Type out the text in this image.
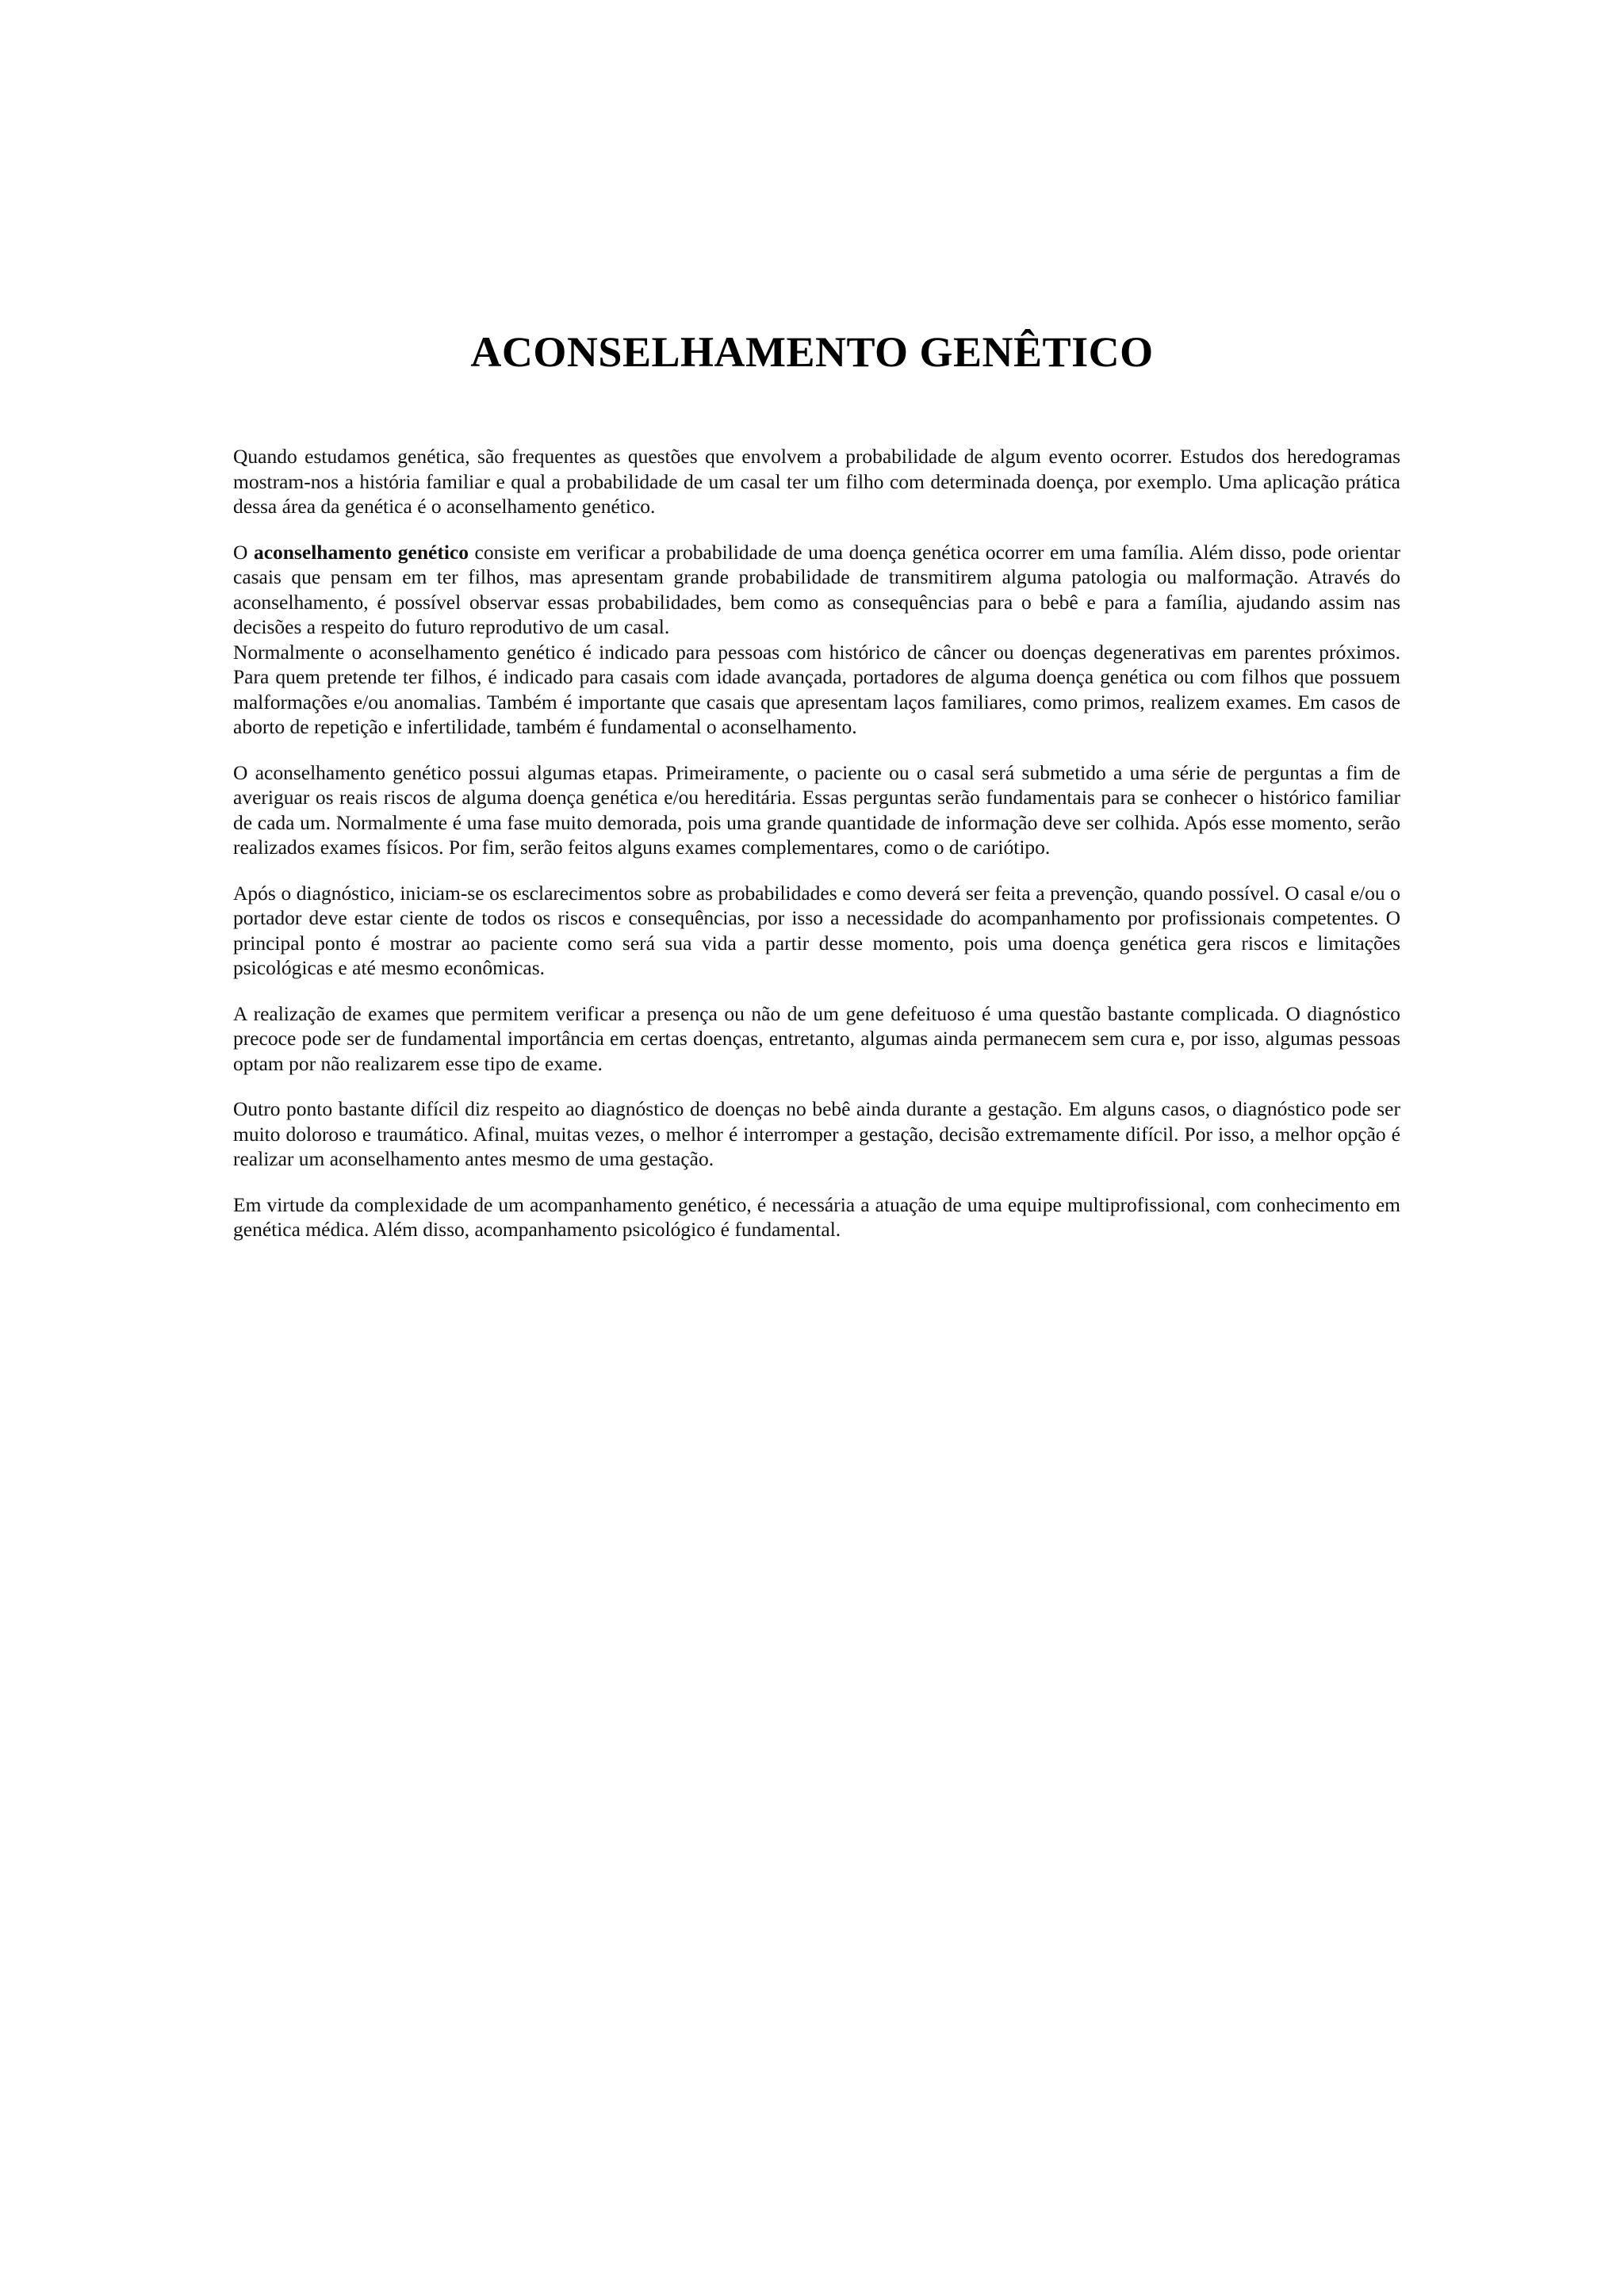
ACONSELHAMENTO GENÊTICO

Quando estudamos genética, são frequentes as questões que envolvem a probabilidade de algum evento ocorrer. Estudos dos heredogramas mostram-nos a história familiar e qual a probabilidade de um casal ter um filho com determinada doença, por exemplo. Uma aplicação prática dessa área da genética é o aconselhamento genético.

O aconselhamento genético consiste em verificar a probabilidade de uma doença genética ocorrer em uma família. Além disso, pode orientar casais que pensam em ter filhos, mas apresentam grande probabilidade de transmitirem alguma patologia ou malformação. Através do aconselhamento, é possível observar essas probabilidades, bem como as consequências para o bebê e para a família, ajudando assim nas decisões a respeito do futuro reprodutivo de um casal.

Normalmente o aconselhamento genético é indicado para pessoas com histórico de câncer ou doenças degenerativas em parentes próximos. Para quem pretende ter filhos, é indicado para casais com idade avançada, portadores de alguma doença genética ou com filhos que possuem malformações e/ou anomalias. Também é importante que casais que apresentam laços familiares, como primos, realizem exames. Em casos de aborto de repetição e infertilidade, também é fundamental o aconselhamento.

O aconselhamento genético possui algumas etapas. Primeiramente, o paciente ou o casal será submetido a uma série de perguntas a fim de averiguar os reais riscos de alguma doença genética e/ou hereditária. Essas perguntas serão fundamentais para se conhecer o histórico familiar de cada um. Normalmente é uma fase muito demorada, pois uma grande quantidade de informação deve ser colhida. Após esse momento, serão realizados exames físicos. Por fim, serão feitos alguns exames complementares, como o de cariótipo.

Após o diagnóstico, iniciam-se os esclarecimentos sobre as probabilidades e como deverá ser feita a prevenção, quando possível. O casal e/ou o portador deve estar ciente de todos os riscos e consequências, por isso a necessidade do acompanhamento por profissionais competentes. O principal ponto é mostrar ao paciente como será sua vida a partir desse momento, pois uma doença genética gera riscos e limitações psicológicas e até mesmo econômicas.

A realização de exames que permitem verificar a presença ou não de um gene defeituoso é uma questão bastante complicada. O diagnóstico precoce pode ser de fundamental importância em certas doenças, entretanto, algumas ainda permanecem sem cura e, por isso, algumas pessoas optam por não realizarem esse tipo de exame.

Outro ponto bastante difícil diz respeito ao diagnóstico de doenças no bebê ainda durante a gestação. Em alguns casos, o diagnóstico pode ser muito doloroso e traumático. Afinal, muitas vezes, o melhor é interromper a gestação, decisão extremamente difícil. Por isso, a melhor opção é realizar um aconselhamento antes mesmo de uma gestação.

Em virtude da complexidade de um acompanhamento genético, é necessária a atuação de uma equipe multiprofissional, com conhecimento em genética médica. Além disso, acompanhamento psicológico é fundamental.
